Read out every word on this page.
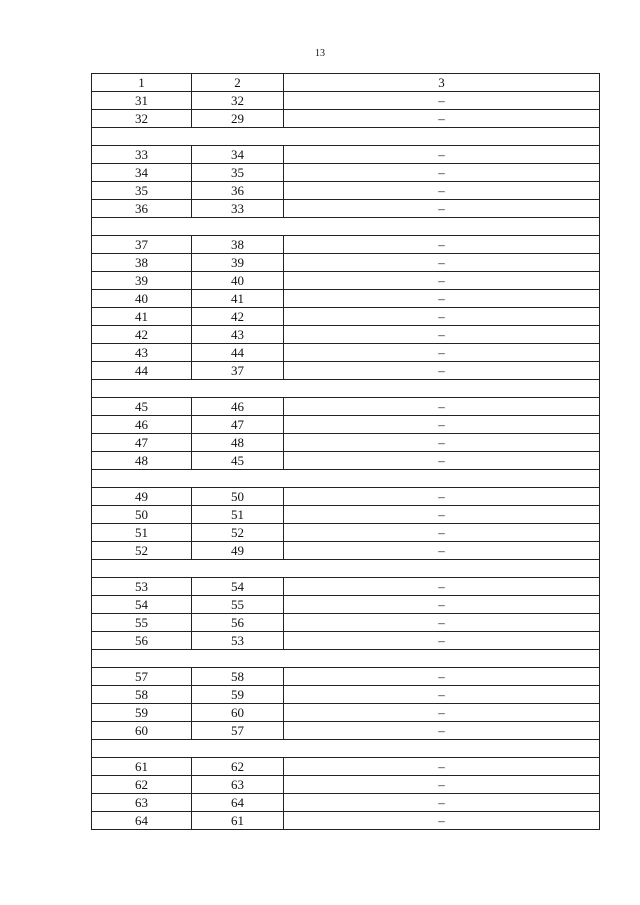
13
1	2	3
31	32	–
32	29	–

33	34	–
34	35	–
35	36	–
36	33	–

37	38	–
38	39	–
39	40	–
40	41	–
41	42	–
42	43	–
43	44	–
44	37	–

45	46	–
46	47	–
47	48	–
48	45	–

49	50	–
50	51	–
51	52	–
52	49	–

53	54	–
54	55	–
55	56	–
56	53	–

57	58	–
58	59	–
59	60	–
60	57	–

61	62	–
62	63	–
63	64	–
64	61	–
